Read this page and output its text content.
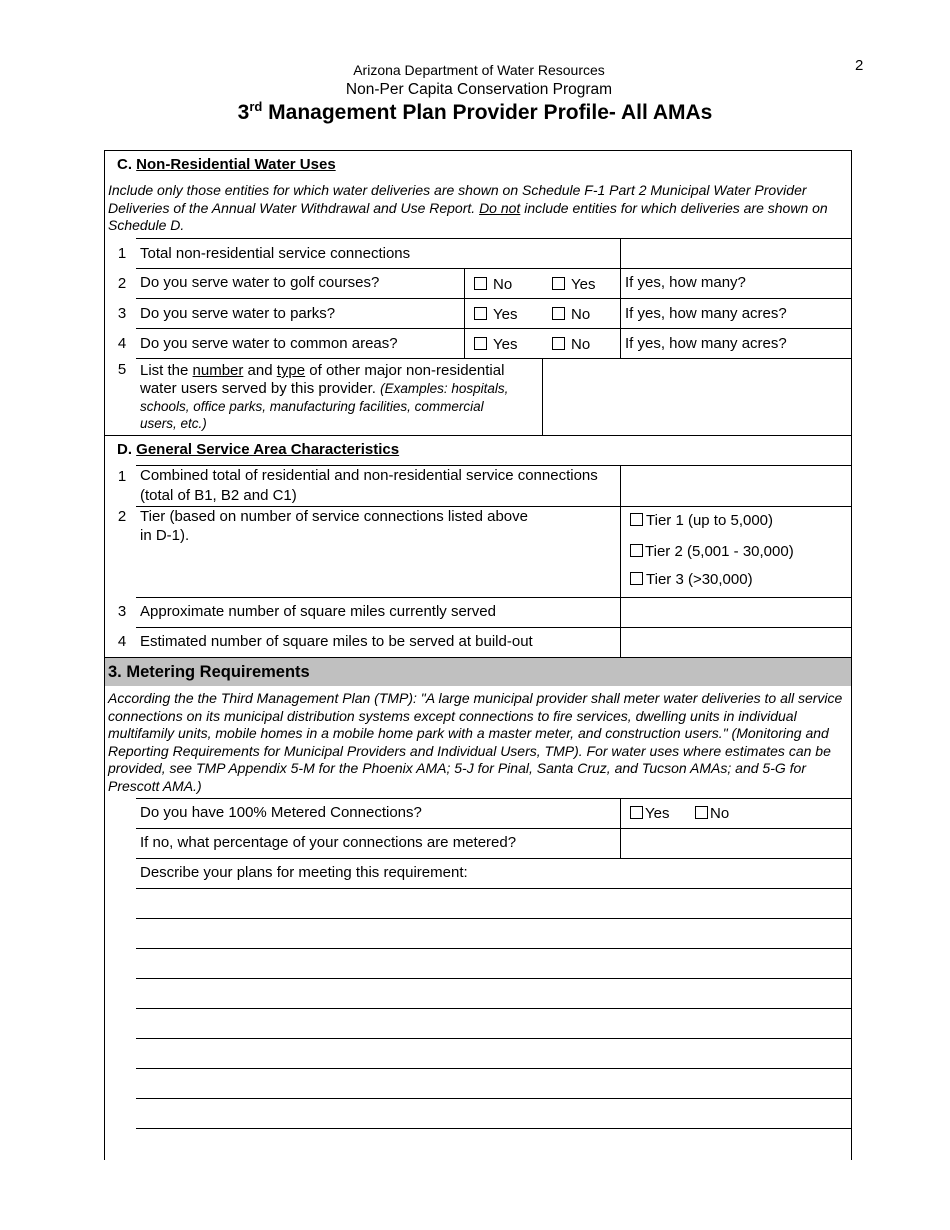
2
Arizona Department of Water Resources
Non-Per Capita Conservation Program
3rd Management Plan Provider Profile- All AMAs
C. Non-Residential Water Uses
Include only those entities for which water deliveries are shown on Schedule F-1 Part 2 Municipal Water Provider Deliveries of the Annual Water Withdrawal and Use Report. Do not include entities for which deliveries are shown on Schedule D.
1 Total non-residential service connections
2 Do you serve water to golf courses?	No	Yes If yes, how many?
3 Do you serve water to parks?	Yes	No If yes, how many acres?
4 Do you serve water to common areas?	Yes	No If yes, how many acres?
5 List the number and type of other major non-residential
water users served by this provider. (Examples: hospitals,
schools, office parks, manufacturing facilities, commercial
users, etc.)
D. General Service Area Characteristics
1 Combined total of residential and non-residential service connections
(total of B1, B2 and C1)
2 Tier (based on number of service connections listed above
in D-1).
Tier 1 (up to 5,000)
Tier 2 (5,001 - 30,000)
Tier 3 (>30,000)
3 Approximate number of square miles currently served
4 Estimated number of square miles to be served at build-out
3. Metering Requirements
According the the Third Management Plan (TMP): "A large municipal provider shall meter water deliveries to all service connections on its municipal distribution systems except connections to fire services, dwelling units in individual multifamily units, mobile homes in a mobile home park with a master meter, and construction users." (Monitoring and Reporting Requirements for Municipal Providers and Individual Users, TMP). For water uses where estimates can be provided, see TMP Appendix 5-M for the Phoenix AMA; 5-J for Pinal, Santa Cruz, and Tucson AMAs; and 5-G for Prescott AMA.)
Do you have 100% Metered Connections?	Yes	No
If no, what percentage of your connections are metered?
Describe your plans for meeting this requirement:
